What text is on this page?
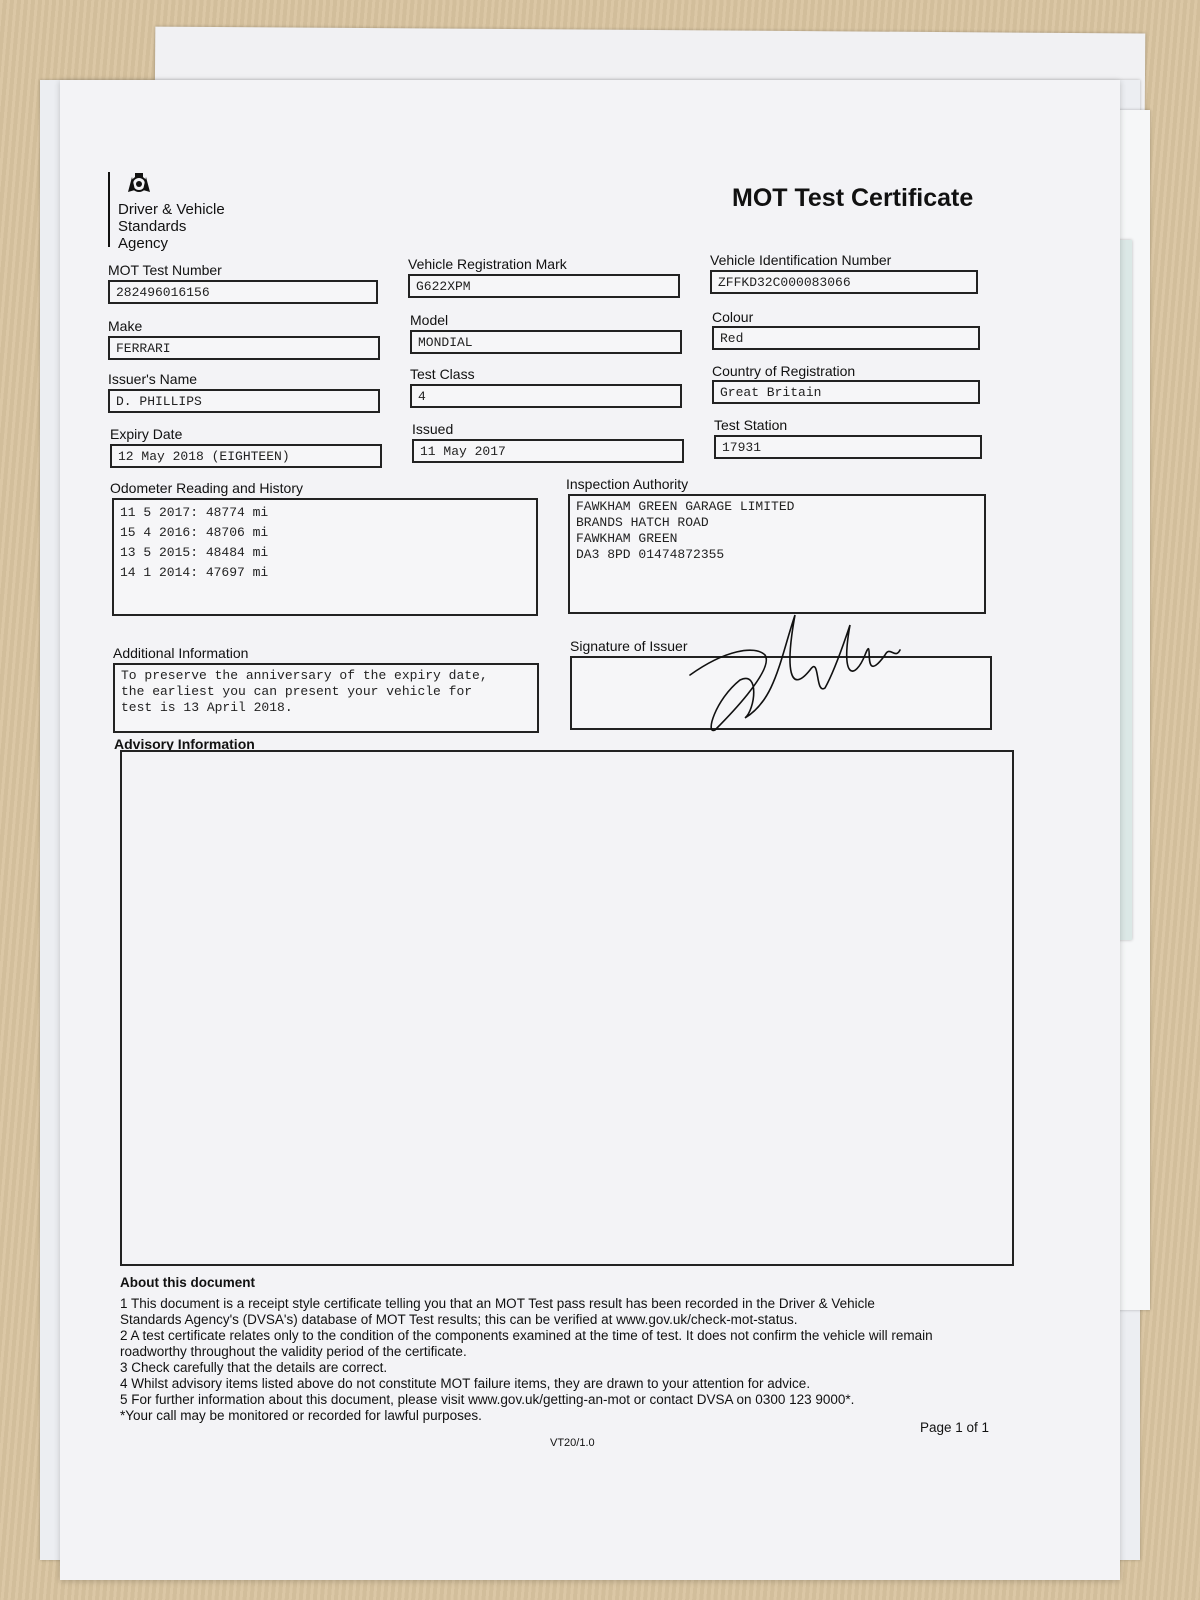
Driver & Vehicle
Standards
Agency
MOT Test Certificate
MOT Test Number
282496016156
Vehicle Registration Mark
G622XPM
Vehicle Identification Number
ZFFKD32C000083066
Make
FERRARI
Model
MONDIAL
Colour
Red
Issuer's Name
D. PHILLIPS
Test Class
4
Country of Registration
Great Britain
Expiry Date
12 May 2018 (EIGHTEEN)
Issued
11 May 2017
Test Station
17931
Odometer Reading and History
11 5 2017: 48774 mi
15 4 2016: 48706 mi
13 5 2015: 48484 mi
14 1 2014: 47697 mi
Inspection Authority
FAWKHAM GREEN GARAGE LIMITED
BRANDS HATCH ROAD
FAWKHAM GREEN
DA3 8PD 01474872355
Additional Information
To preserve the anniversary of the expiry date,
the earliest you can present your vehicle for
test is 13 April 2018.
Signature of Issuer
Advisory Information
About this document
1 This document is a receipt style certificate telling you that an MOT Test pass result has been recorded in the Driver & Vehicle
Standards Agency's (DVSA's) database of MOT Test results; this can be verified at www.gov.uk/check-mot-status.
2 A test certificate relates only to the condition of the components examined at the time of test. It does not confirm the vehicle will remain
roadworthy throughout the validity period of the certificate.
3 Check carefully that the details are correct.
4 Whilst advisory items listed above do not constitute MOT failure items, they are drawn to your attention for advice.
5 For further information about this document, please visit www.gov.uk/getting-an-mot or contact DVSA on 0300 123 9000*.
*Your call may be monitored or recorded for lawful purposes.
Page 1 of 1
VT20/1.0
